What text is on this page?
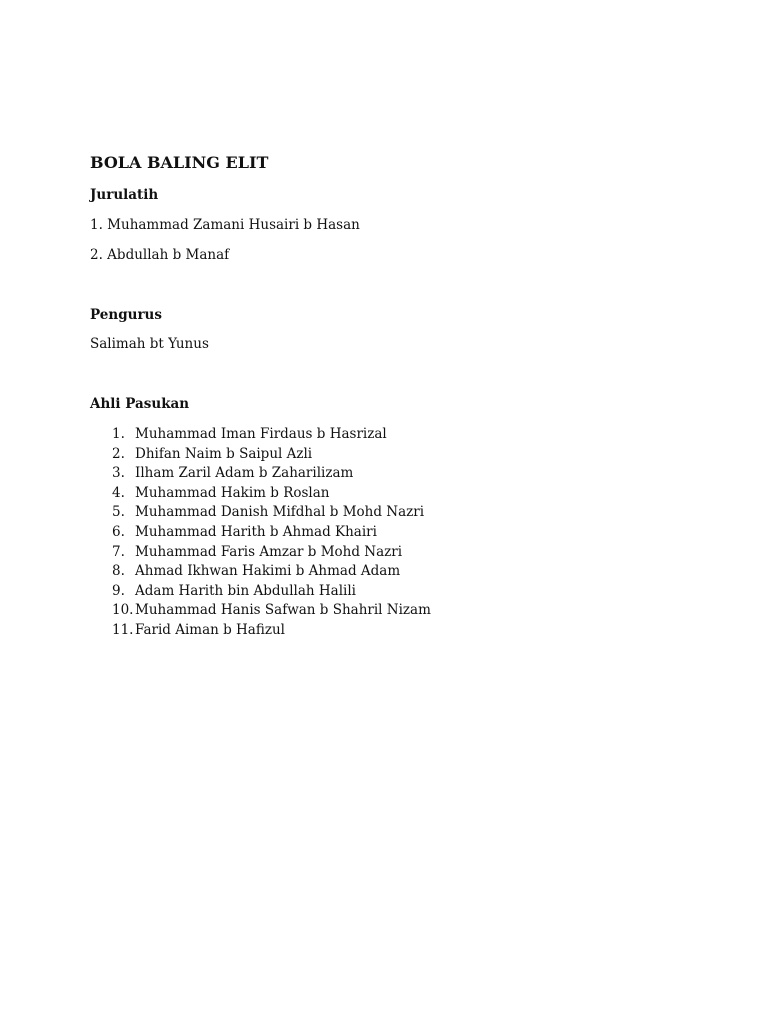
BOLA BALING ELIT
Jurulatih

1. Muhammad Zamani Husairi b Hasan

2. Abdullah b Manaf

Pengurus

Salimah bt Yunus

Ahli Pasukan
1. Muhammad Iman Firdaus b Hasrizal
2. Dhifan Naim b Saipul Azli
3. Ilham Zaril Adam b Zaharilizam
4. Muhammad Hakim b Roslan
5. Muhammad Danish Mifdhal b Mohd Nazri
6. Muhammad Harith b Ahmad Khairi
7. Muhammad Faris Amzar b Mohd Nazri
8. Ahmad Ikhwan Hakimi b Ahmad Adam
9. Adam Harith bin Abdullah Halili
10. Muhammad Hanis Safwan b Shahril Nizam
11. Farid Aiman b Hafizul
